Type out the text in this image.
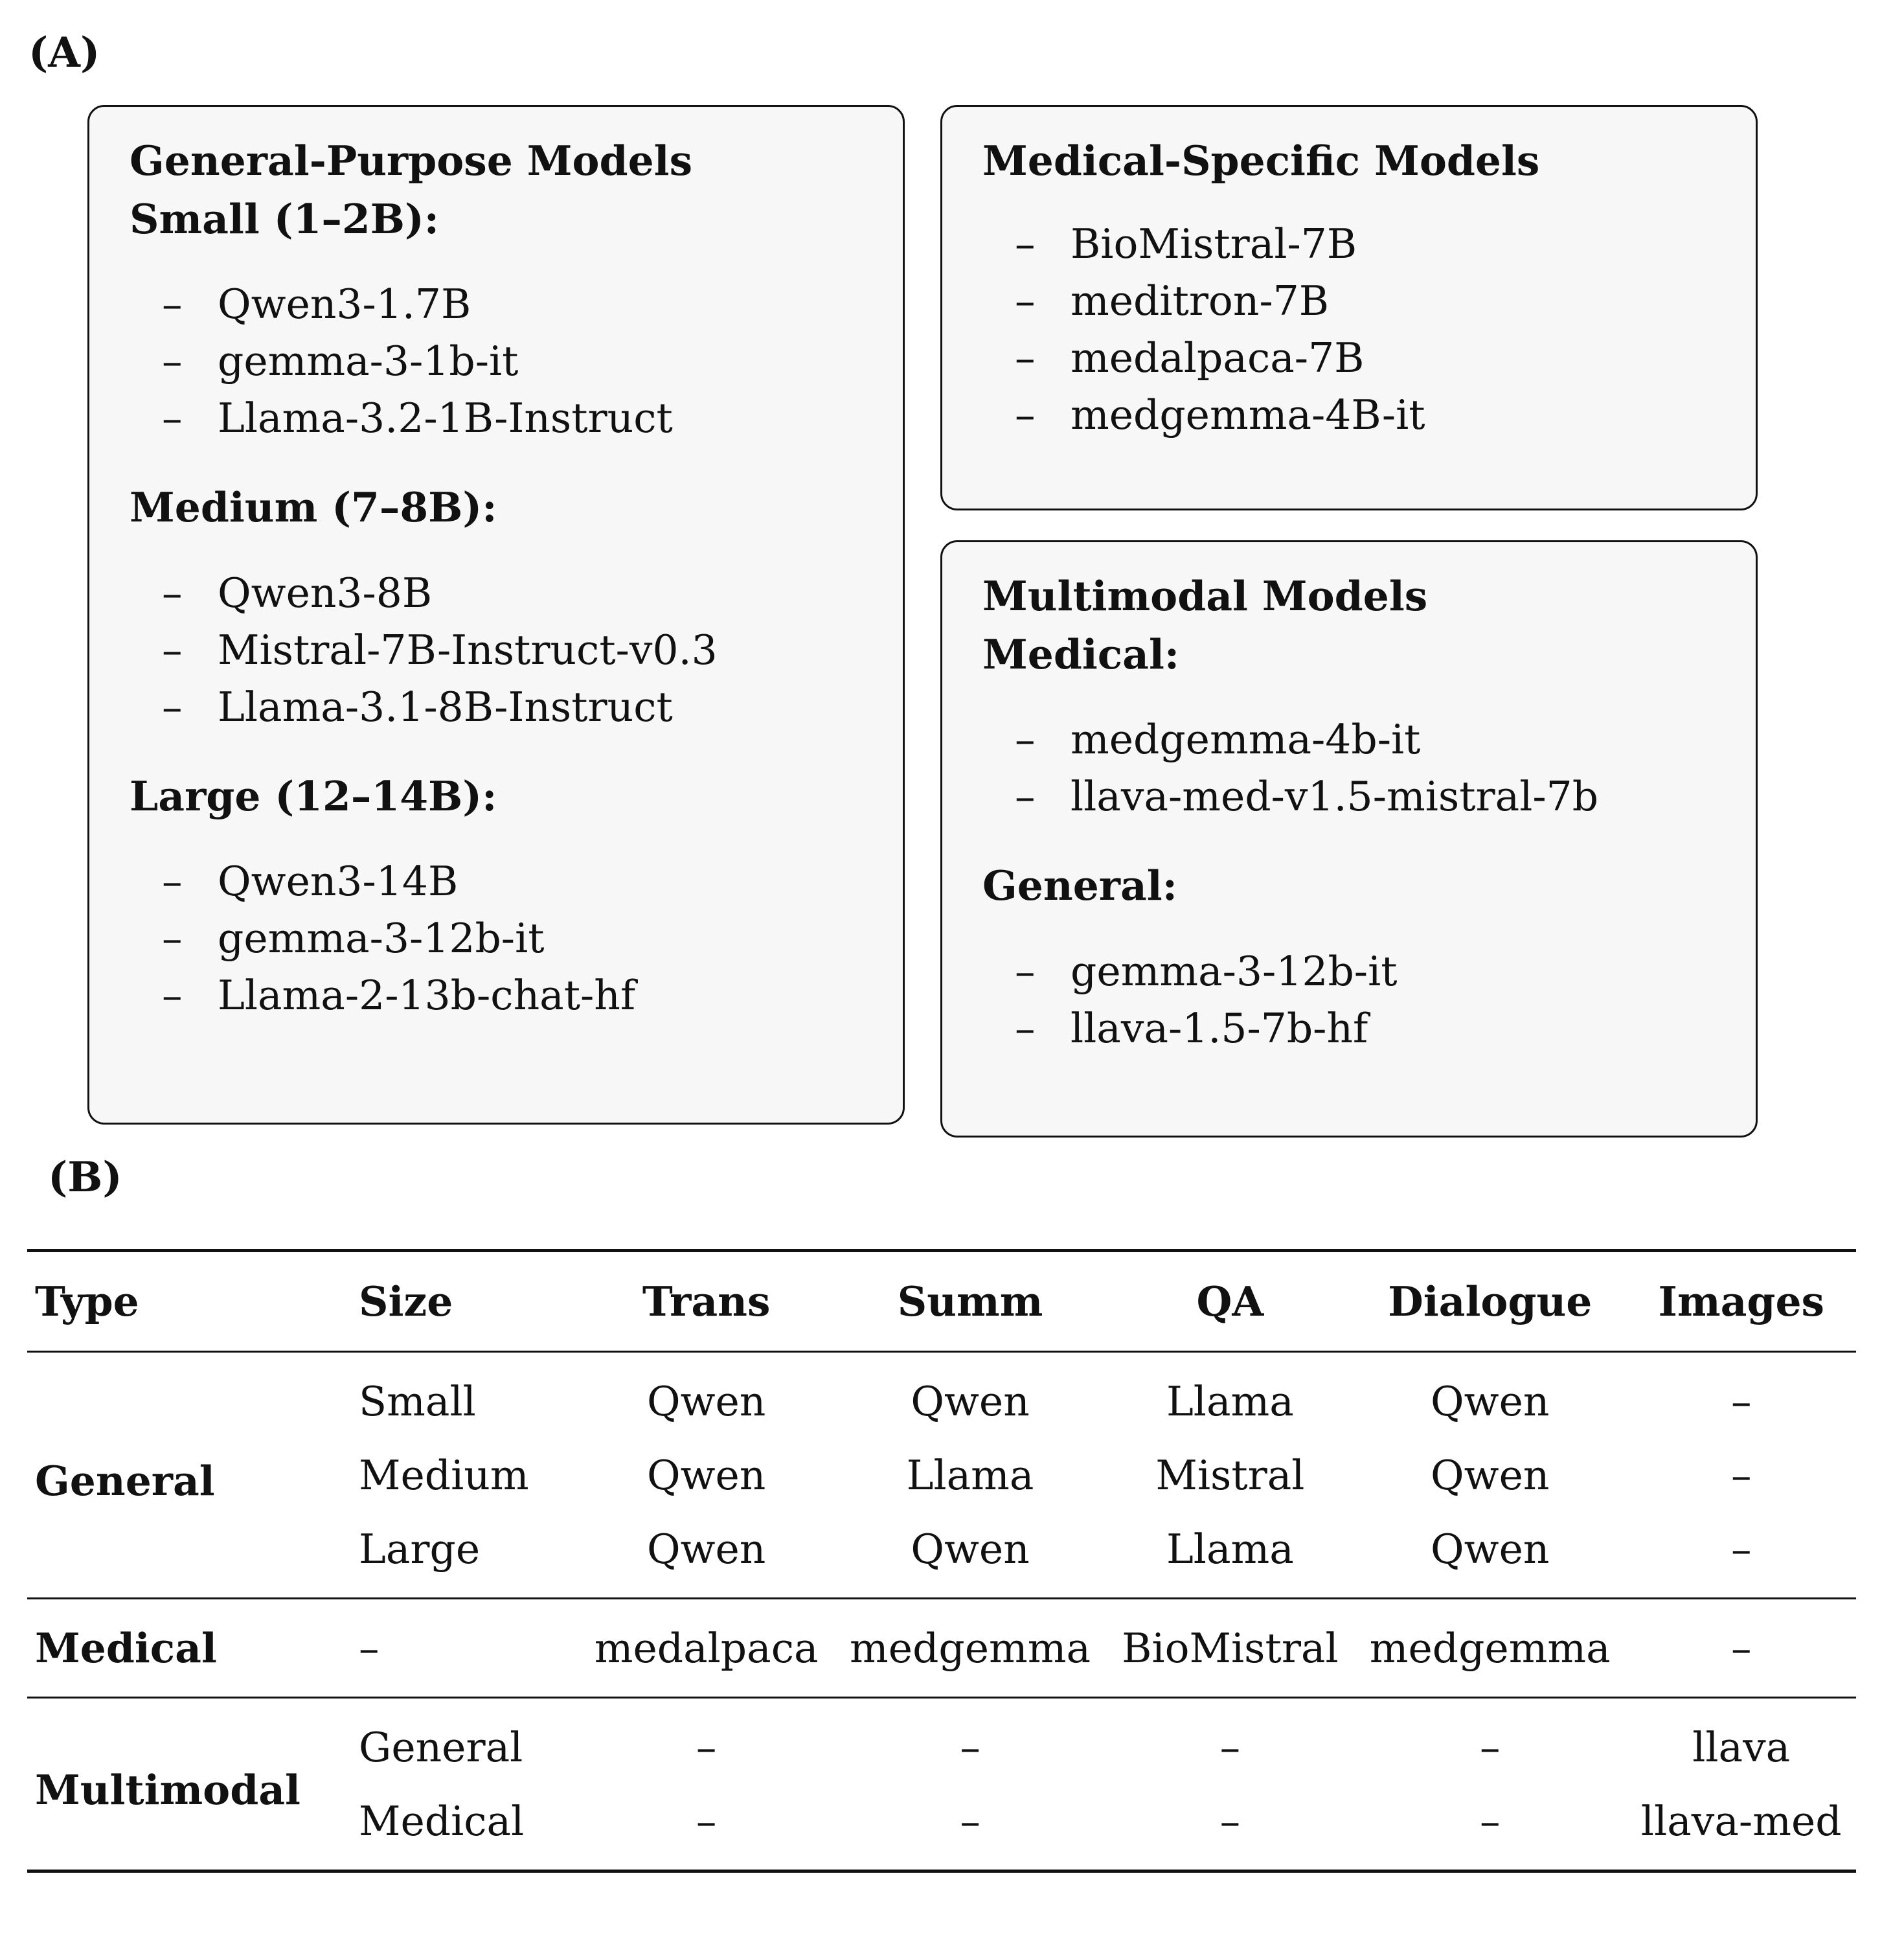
(A)
General-Purpose Models
Small (1–2B):
– Qwen3-1.7B
– gemma-3-1b-it
– Llama-3.2-1B-Instruct
Medium (7–8B):
– Qwen3-8B
– Mistral-7B-Instruct-v0.3
– Llama-3.1-8B-Instruct
Large (12–14B):
– Qwen3-14B
– gemma-3-12b-it
– Llama-2-13b-chat-hf
Medical-Specific Models
– BioMistral-7B
– meditron-7B
– medalpaca-7B
– medgemma-4B-it
Multimodal Models
Medical:
– medgemma-4b-it
– llava-med-v1.5-mistral-7b
General:
– gemma-3-12b-it
– llava-1.5-7b-hf
(B)
Type	Size	Trans	Summ	QA	Dialogue	Images
General	Small	Qwen	Qwen	Llama	Qwen	–
	Medium	Qwen	Llama	Mistral	Qwen	–
	Large	Qwen	Qwen	Llama	Qwen	–
Medical	–	medalpaca	medgemma	BioMistral	medgemma	–
Multimodal	General	–	–	–	–	llava
	Medical	–	–	–	–	llava-med
